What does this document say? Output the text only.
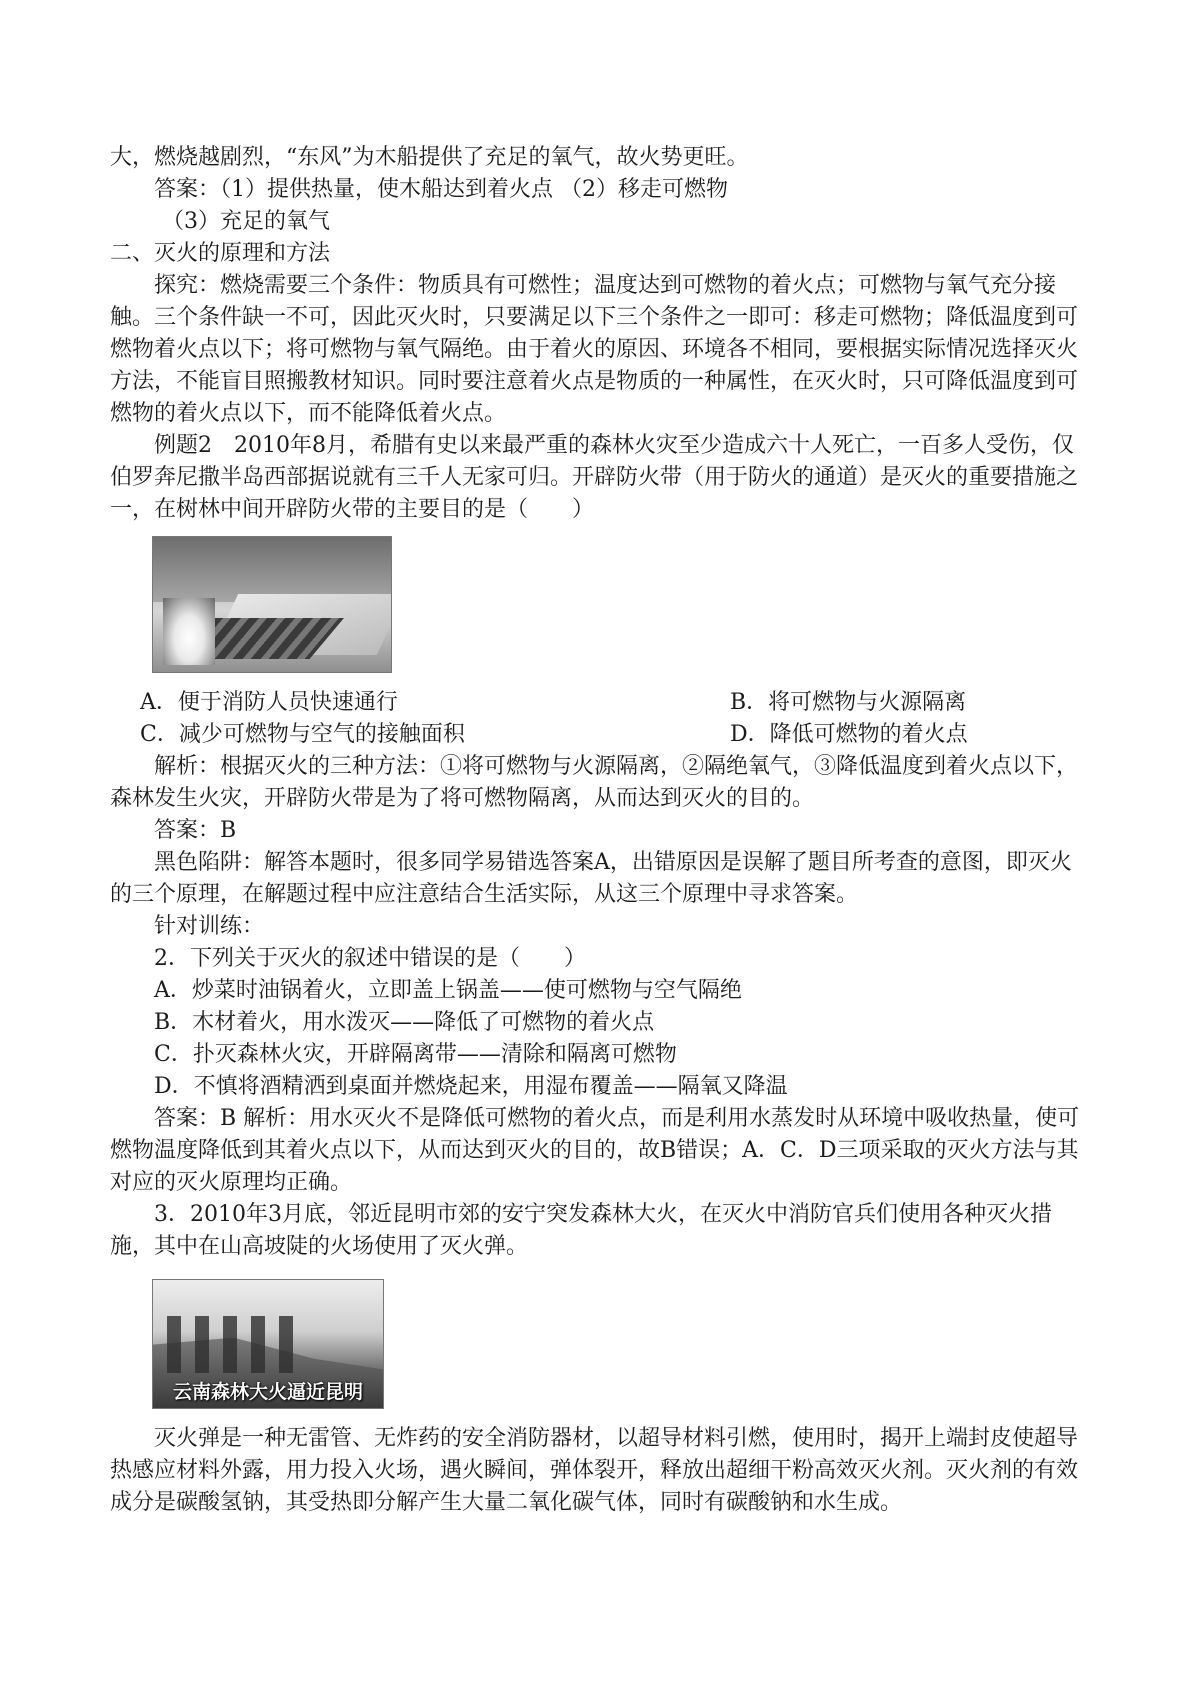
大，燃烧越剧烈，“东风”为木船提供了充足的氧气，故火势更旺。

答案：（1）提供热量，使木船达到着火点 （2）移走可燃物

（3）充足的氧气

二、灭火的原理和方法

探究：燃烧需要三个条件：物质具有可燃性；温度达到可燃物的着火点；可燃物与氧气充分接触。三个条件缺一不可，因此灭火时，只要满足以下三个条件之一即可：移走可燃物；降低温度到可燃物着火点以下；将可燃物与氧气隔绝。由于着火的原因、环境各不相同，要根据实际情况选择灭火方法，不能盲目照搬教材知识。同时要注意着火点是物质的一种属性，在灭火时，只可降低温度到可燃物的着火点以下，而不能降低着火点。

例题2　2010年8月，希腊有史以来最严重的森林火灾至少造成六十人死亡，一百多人受伤，仅伯罗奔尼撒半岛西部据说就有三千人无家可归。开辟防火带（用于防火的通道）是灭火的重要措施之一，在树林中间开辟防火带的主要目的是（　　）

A．便于消防人员快速通行	B．将可燃物与火源隔离
C．减少可燃物与空气的接触面积	D．降低可燃物的着火点

解析：根据灭火的三种方法：①将可燃物与火源隔离，②隔绝氧气，③降低温度到着火点以下，森林发生火灾，开辟防火带是为了将可燃物隔离，从而达到灭火的目的。

答案：B

黑色陷阱：解答本题时，很多同学易错选答案A，出错原因是误解了题目所考查的意图，即灭火的三个原理，在解题过程中应注意结合生活实际，从这三个原理中寻求答案。

针对训练：

2．下列关于灭火的叙述中错误的是（　　）

A．炒菜时油锅着火，立即盖上锅盖——使可燃物与空气隔绝

B．木材着火，用水泼灭——降低了可燃物的着火点

C．扑灭森林火灾，开辟隔离带——清除和隔离可燃物

D．不慎将酒精洒到桌面并燃烧起来，用湿布覆盖——隔氧又降温

答案：B 解析：用水灭火不是降低可燃物的着火点，而是利用水蒸发时从环境中吸收热量，使可燃物温度降低到其着火点以下，从而达到灭火的目的，故B错误；A．C．D三项采取的灭火方法与其对应的灭火原理均正确。

3．2010年3月底，邻近昆明市郊的安宁突发森林大火，在灭火中消防官兵们使用各种灭火措施，其中在山高坡陡的火场使用了灭火弹。

云南森林大火逼近昆明

灭火弹是一种无雷管、无炸药的安全消防器材，以超导材料引燃，使用时，揭开上端封皮使超导热感应材料外露，用力投入火场，遇火瞬间，弹体裂开，释放出超细干粉高效灭火剂。灭火剂的有效成分是碳酸氢钠，其受热即分解产生大量二氧化碳气体，同时有碳酸钠和水生成。
